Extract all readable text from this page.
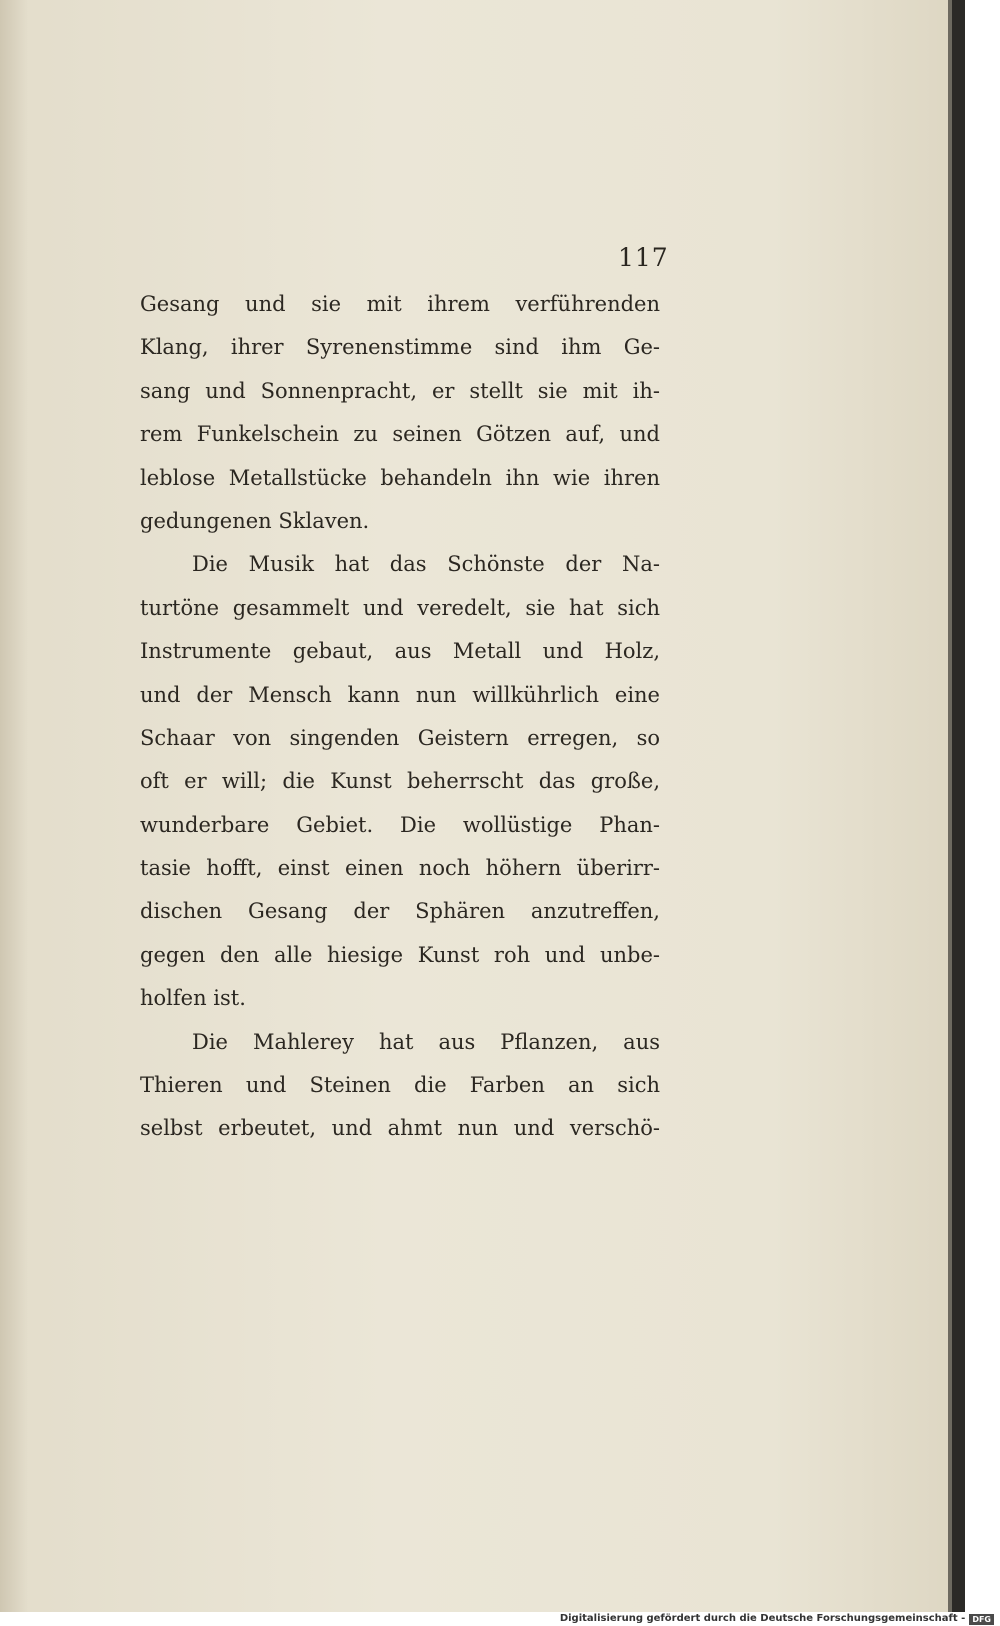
117
Gesang und sie mit ihrem verführenden
Klang, ihrer Syrenenstimme sind ihm Ge-
sang und Sonnenpracht, er stellt sie mit ih-
rem Funkelschein zu seinen Götzen auf, und
leblose Metallstücke behandeln ihn wie ihren
gedungenen Sklaven.
Die Musik hat das Schönste der Na-
turtöne gesammelt und veredelt, sie hat sich
Instrumente gebaut, aus Metall und Holz,
und der Mensch kann nun willkührlich eine
Schaar von singenden Geistern erregen, so
oft er will; die Kunst beherrscht das große,
wunderbare Gebiet. Die wollüstige Phan-
tasie hofft, einst einen noch höhern überirr-
dischen Gesang der Sphären anzutreffen,
gegen den alle hiesige Kunst roh und unbe-
holfen ist.
Die Mahlerey hat aus Pflanzen, aus
Thieren und Steinen die Farben an sich
selbst erbeutet, und ahmt nun und verschö-
Digitalisierung gefördert durch die Deutsche Forschungsgemeinschaft - DFG
